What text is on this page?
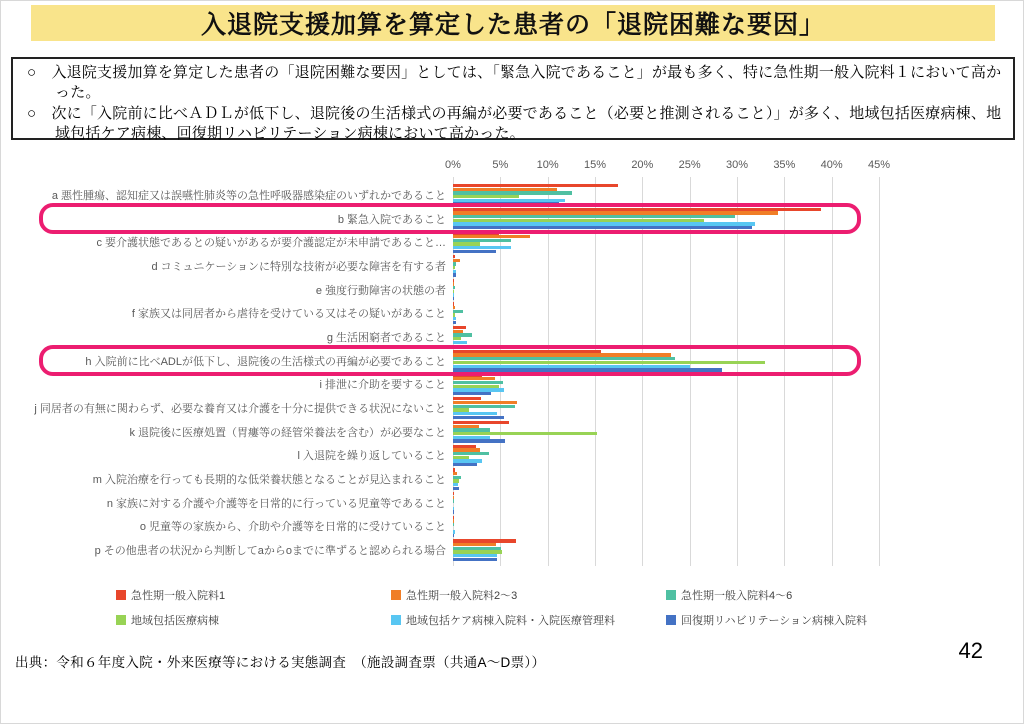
入退院支援加算を算定した患者の「退院困難な要因」

○　入退院支援加算を算定した患者の「退院困難な要因」としては、「緊急入院であること」が最も多く、特に急性期一般入院料１において高かった。

○　次に「入院前に比べＡＤＬが低下し、退院後の生活様式の再編が必要であること（必要と推測されること）」が多く、地域包括医療病棟、地域包括ケア病棟、回復期リハビリテーション病棟において高かった。

0%	5%	10%	15%	20%	25%	30%	35%	40%	45%
a 悪性腫瘍、認知症又は誤嚥性肺炎等の急性呼吸器感染症のいずれかであること
b 緊急入院であること
c 要介護状態であるとの疑いがあるが要介護認定が未申請であること…
d コミュニケーションに特別な技術が必要な障害を有する者
e 強度行動障害の状態の者
f 家族又は同居者から虐待を受けている又はその疑いがあること
g 生活困窮者であること
h 入院前に比べADLが低下し、退院後の生活様式の再編が必要であること
i 排泄に介助を要すること
j 同居者の有無に関わらず、必要な養育又は介護を十分に提供できる状況にないこと
k 退院後に医療処置（胃瘻等の経管栄養法を含む）が必要なこと
l 入退院を繰り返していること
m 入院治療を行っても長期的な低栄養状態となることが見込まれること
n 家族に対する介護や介護等を日常的に行っている児童等であること
o 児童等の家族から、介助や介護等を日常的に受けていること
p その他患者の状況から判断してaからoまでに準ずると認められる場合
急性期一般入院料1	急性期一般入院料2～3	急性期一般入院料4～6
地域包括医療病棟	地域包括ケア病棟入院料・入院医療管理料	回復期リハビリテーション病棟入院料
出典：令和６年度入院・外来医療等における実態調査　（施設調査票（共通A～D票））	42
